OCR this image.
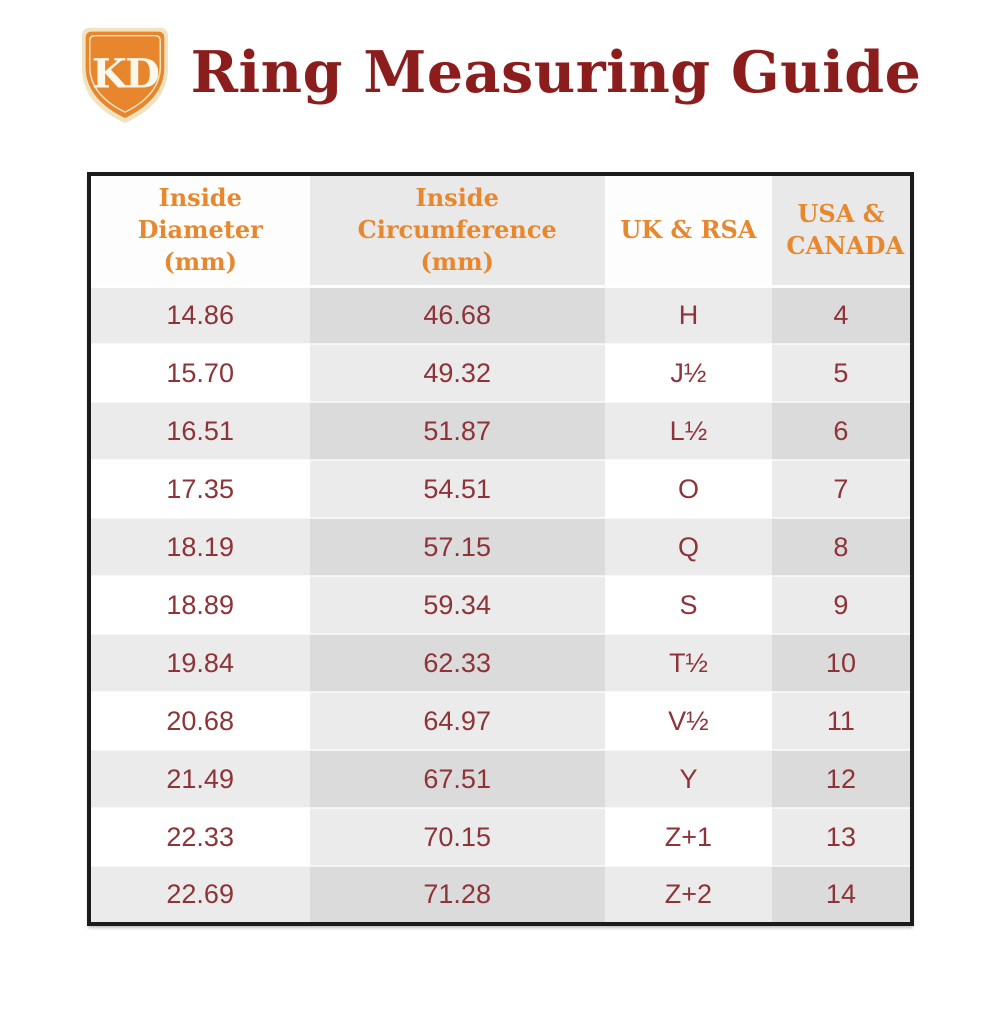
KD Ring Measuring Guide
Inside Diameter (mm)	Inside Circumference (mm)	UK & RSA	USA & CANADA
14.86	46.68	H	4
15.70	49.32	J½	5
16.51	51.87	L½	6
17.35	54.51	O	7
18.19	57.15	Q	8
18.89	59.34	S	9
19.84	62.33	T½	10
20.68	64.97	V½	11
21.49	67.51	Y	12
22.33	70.15	Z+1	13
22.69	71.28	Z+2	14
